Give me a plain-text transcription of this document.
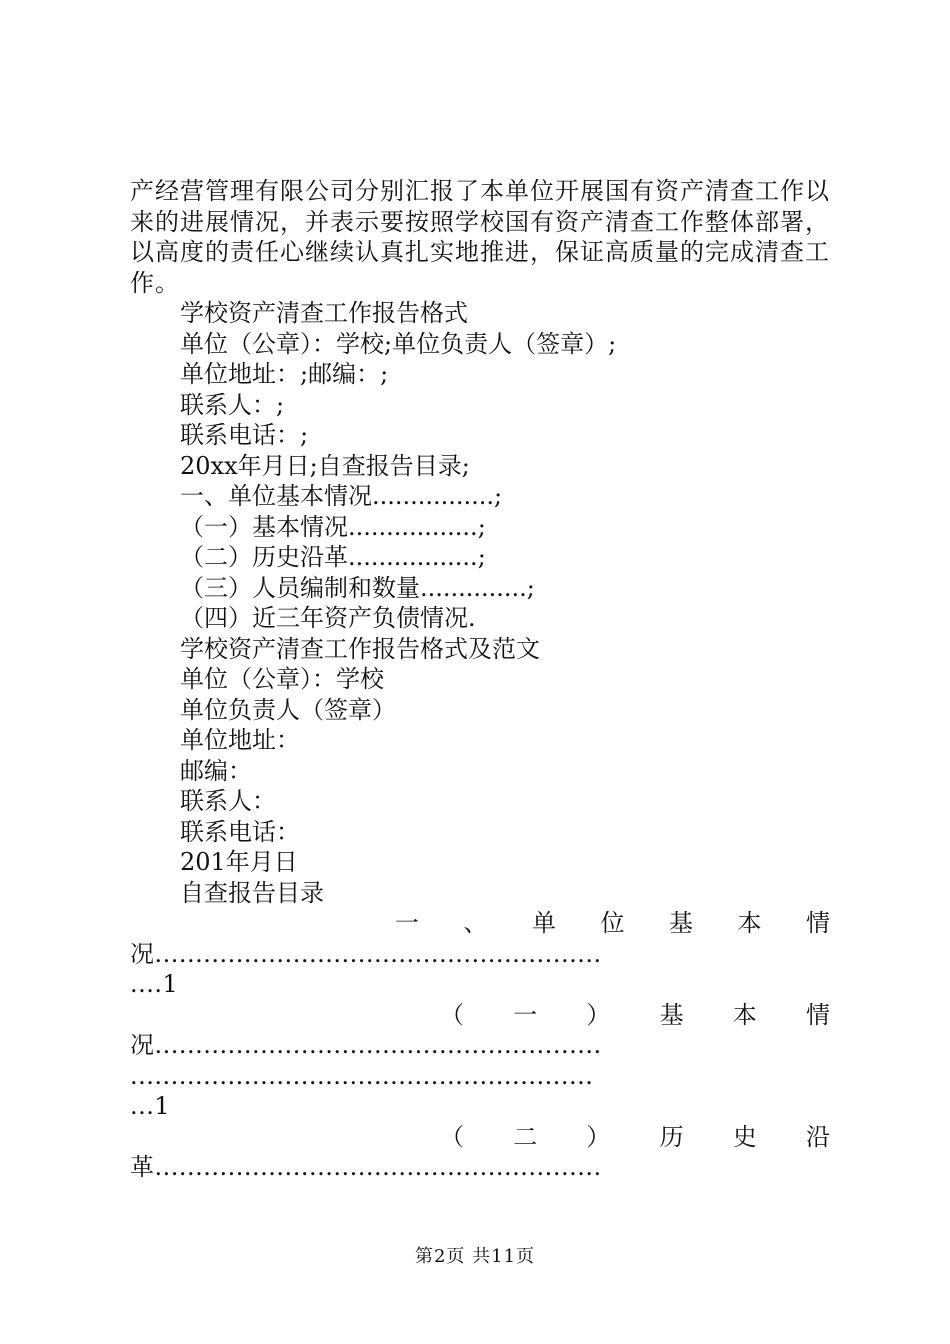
产经营管理有限公司分别汇报了本单位开展国有资产清查工作以来的进展情况，并表示要按照学校国有资产清查工作整体部署，以高度的责任心继续认真扎实地推进，保证高质量的完成清查工作。

学校资产清查工作报告格式

单位（公章）：学校;单位负责人（签章）;

单位地址：;邮编：;

联系人：;

联系电话：;

20xx年月日;自查报告目录;

一、单位基本情况................;

（一）基本情况.................;

（二）历史沿革.................;

（三）人员编制和数量..............;

（四）近三年资产负债情况.

学校资产清查工作报告格式及范文

单位（公章）：学校

单位负责人（签章）

单位地址：

邮编：

联系人：

联系电话：

201年月日

自查报告目录

一 、 单 位 基 本 情

况.......................................................

....1

（ 一 ） 基 本 情

况.......................................................

.........................................................

...1

（ 二 ） 历 史 沿

革.......................................................

第2页 共11页
